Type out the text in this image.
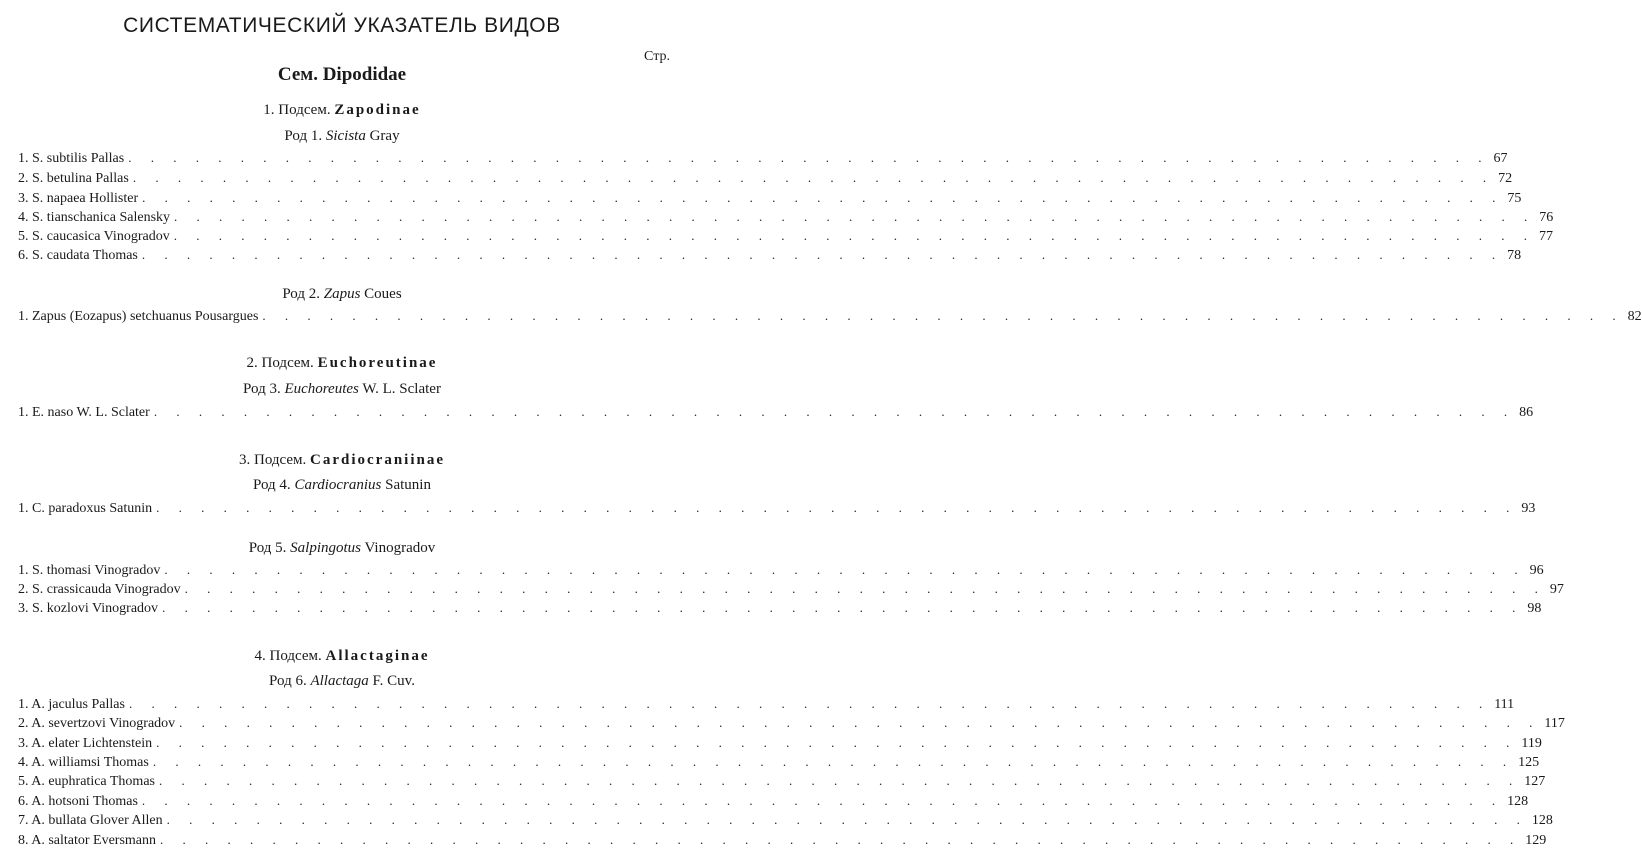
СИСТЕМАТИЧЕСКИЙ УКАЗАТЕЛЬ ВИДОВ
Стр.
Сем. Dipodidae
1. Подсем. Zapodinae
Род 1. Sicista Gray
1. S. subtilis Pallas . . . . . . . . . . . . . . . . . . . . . . . . . . . . . . . . . . . . . . . . . . . . . . . . . . . . . . . . . . . . . 67
2. S. betulina Pallas . . . . . . . . . . . . . . . . . . . . . . . . . . . . . . . . . . . . . . . . . . . . . . . . . . . . . . . . . . . . . 72
3. S. napaea Hollister . . . . . . . . . . . . . . . . . . . . . . . . . . . . . . . . . . . . . . . . . . . . . . . . . . . . . . . . . . . . . 75
4. S. tianschanica Salensky . . . . . . . . . . . . . . . . . . . . . . . . . . . . . . . . . . . . . . . . . . . . . . . . . . . . . . . . . . . . . 76
5. S. caucasica Vinogradov . . . . . . . . . . . . . . . . . . . . . . . . . . . . . . . . . . . . . . . . . . . . . . . . . . . . . . . . . . . . . 77
6. S. caudata Thomas . . . . . . . . . . . . . . . . . . . . . . . . . . . . . . . . . . . . . . . . . . . . . . . . . . . . . . . . . . . . . 78
Род 2. Zapus Coues
1. Zapus (Eozapus) setchuanus Pousargues . . . . . . . . . . . . . . . . . . . . . . . . . . . . . . . . . . . . . . . . . . . . . . . . . . . . . . . . . . . . . 82
2. Подсем. Euchoreutinae
Род 3. Euchoreutes W. L. Sclater
1. E. naso W. L. Sclater . . . . . . . . . . . . . . . . . . . . . . . . . . . . . . . . . . . . . . . . . . . . . . . . . . . . . . . . . . . . . 86
3. Подсем. Cardiocraniinae
Род 4. Cardiocranius Satunin
1. C. paradoxus Satunin . . . . . . . . . . . . . . . . . . . . . . . . . . . . . . . . . . . . . . . . . . . . . . . . . . . . . . . . . . . . . 93
Род 5. Salpingotus Vinogradov
1. S. thomasi Vinogradov . . . . . . . . . . . . . . . . . . . . . . . . . . . . . . . . . . . . . . . . . . . . . . . . . . . . . . . . . . . . . 96
2. S. crassicauda Vinogradov . . . . . . . . . . . . . . . . . . . . . . . . . . . . . . . . . . . . . . . . . . . . . . . . . . . . . . . . . . . . . 97
3. S. kozlovi Vinogradov . . . . . . . . . . . . . . . . . . . . . . . . . . . . . . . . . . . . . . . . . . . . . . . . . . . . . . . . . . . . . 98
4. Подсем. Allactaginae
Род 6. Allactaga F. Cuv.
1. A. jaculus Pallas . . . . . . . . . . . . . . . . . . . . . . . . . . . . . . . . . . . . . . . . . . . . . . . . . . . . . . . . . . . . . 111
2. A. severtzovi Vinogradov . . . . . . . . . . . . . . . . . . . . . . . . . . . . . . . . . . . . . . . . . . . . . . . . . . . . . . . . . . . . . 117
3. A. elater Lichtenstein . . . . . . . . . . . . . . . . . . . . . . . . . . . . . . . . . . . . . . . . . . . . . . . . . . . . . . . . . . . . . 119
4. A. williamsi Thomas . . . . . . . . . . . . . . . . . . . . . . . . . . . . . . . . . . . . . . . . . . . . . . . . . . . . . . . . . . . . . 125
5. A. euphratica Thomas . . . . . . . . . . . . . . . . . . . . . . . . . . . . . . . . . . . . . . . . . . . . . . . . . . . . . . . . . . . . . 127
6. A. hotsoni Thomas . . . . . . . . . . . . . . . . . . . . . . . . . . . . . . . . . . . . . . . . . . . . . . . . . . . . . . . . . . . . . 128
7. A. bullata Glover Allen . . . . . . . . . . . . . . . . . . . . . . . . . . . . . . . . . . . . . . . . . . . . . . . . . . . . . . . . . . . . . 128
8. A. saltator Eversmann . . . . . . . . . . . . . . . . . . . . . . . . . . . . . . . . . . . . . . . . . . . . . . . . . . . . . . . . . . . . . 129
